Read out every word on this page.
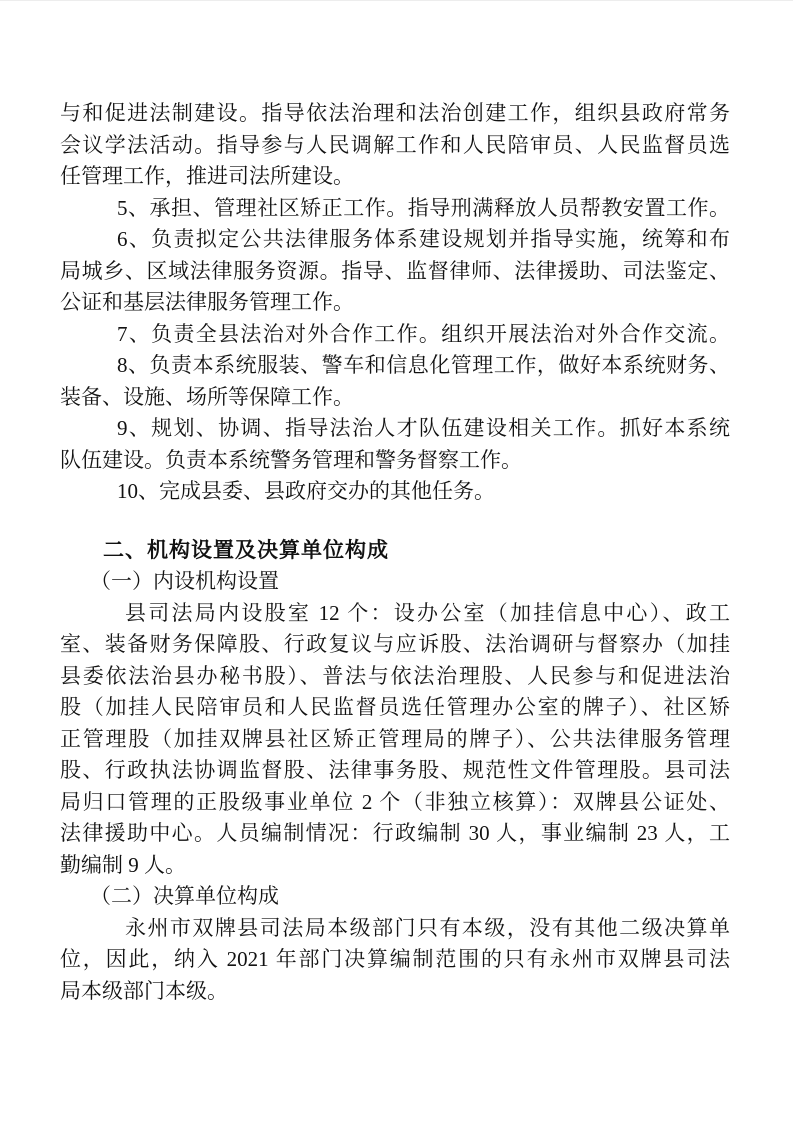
与和促进法制建设。指导依法治理和法治创建工作，组织县政府常务
会议学法活动。指导参与人民调解工作和人民陪审员、人民监督员选
任管理工作，推进司法所建设。
5、承担、管理社区矫正工作。指导刑满释放人员帮教安置工作。
6、负责拟定公共法律服务体系建设规划并指导实施，统筹和布
局城乡、区域法律服务资源。指导、监督律师、法律援助、司法鉴定、
公证和基层法律服务管理工作。
7、负责全县法治对外合作工作。组织开展法治对外合作交流。
8、负责本系统服装、警车和信息化管理工作，做好本系统财务、
装备、设施、场所等保障工作。
9、规划、协调、指导法治人才队伍建设相关工作。抓好本系统
队伍建设。负责本系统警务管理和警务督察工作。
10、完成县委、县政府交办的其他任务。
二、机构设置及决算单位构成
（一）内设机构设置
县司法局内设股室 12 个：设办公室（加挂信息中心）、政工
室、装备财务保障股、行政复议与应诉股、法治调研与督察办（加挂
县委依法治县办秘书股）、普法与依法治理股、人民参与和促进法治
股（加挂人民陪审员和人民监督员选任管理办公室的牌子）、社区矫
正管理股（加挂双牌县社区矫正管理局的牌子）、公共法律服务管理
股、行政执法协调监督股、法律事务股、规范性文件管理股。县司法
局归口管理的正股级事业单位 2 个（非独立核算）：双牌县公证处、
法律援助中心。人员编制情况：行政编制 30 人，事业编制 23 人，工
勤编制 9 人。
（二）决算单位构成
永州市双牌县司法局本级部门只有本级，没有其他二级决算单
位，因此，纳入 2021 年部门决算编制范围的只有永州市双牌县司法
局本级部门本级。
